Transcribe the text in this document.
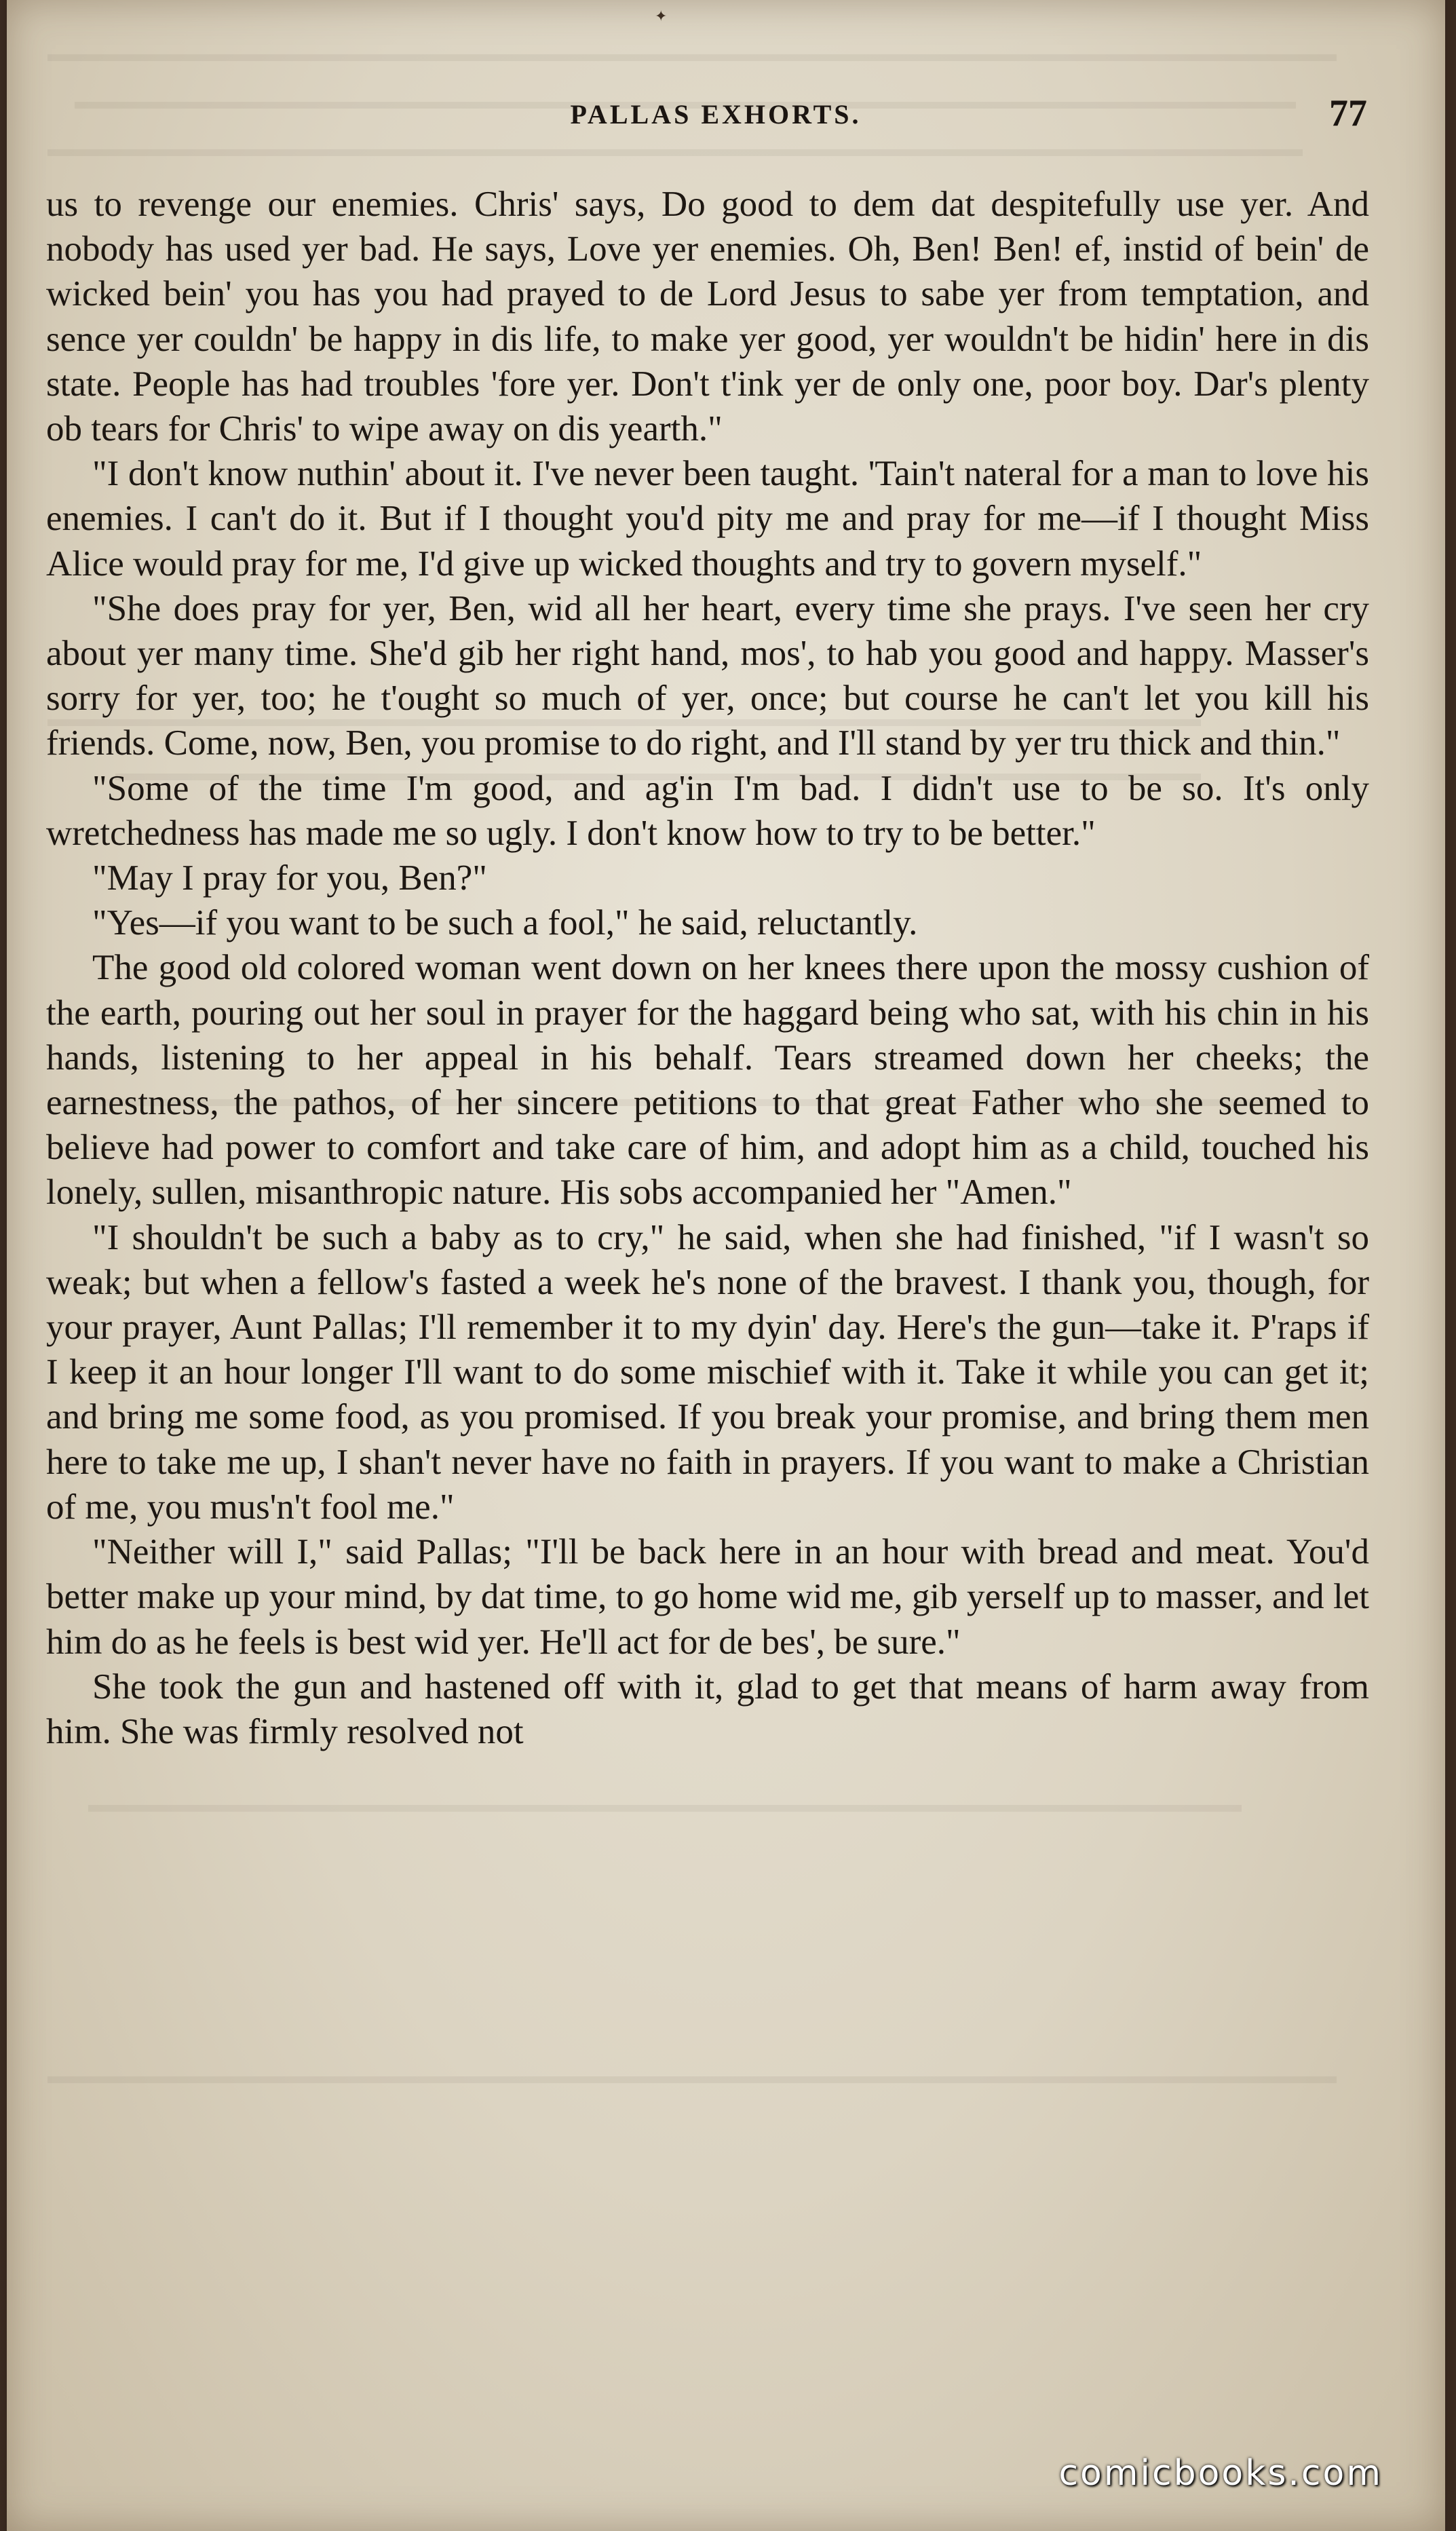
✦
PALLAS EXHORTS.	77

us to revenge our enemies. Chris' says, Do good to dem dat despitefully use yer. And nobody has used yer bad. He says, Love yer enemies. Oh, Ben! Ben! ef, instid of bein' de wicked bein' you has you had prayed to de Lord Jesus to sabe yer from temptation, and sence yer couldn' be happy in dis life, to make yer good, yer wouldn't be hidin' here in dis state. People has had troubles 'fore yer. Don't t'ink yer de only one, poor boy. Dar's plenty ob tears for Chris' to wipe away on dis yearth."

"I don't know nuthin' about it. I've never been taught. 'Tain't nateral for a man to love his enemies. I can't do it. But if I thought you'd pity me and pray for me—if I thought Miss Alice would pray for me, I'd give up wicked thoughts and try to govern myself."

"She does pray for yer, Ben, wid all her heart, every time she prays. I've seen her cry about yer many time. She'd gib her right hand, mos', to hab you good and happy. Masser's sorry for yer, too; he t'ought so much of yer, once; but course he can't let you kill his friends. Come, now, Ben, you promise to do right, and I'll stand by yer tru thick and thin."

"Some of the time I'm good, and ag'in I'm bad. I didn't use to be so. It's only wretchedness has made me so ugly. I don't know how to try to be better."

"May I pray for you, Ben?"

"Yes—if you want to be such a fool," he said, reluctantly.

The good old colored woman went down on her knees there upon the mossy cushion of the earth, pouring out her soul in prayer for the haggard being who sat, with his chin in his hands, listening to her appeal in his behalf. Tears streamed down her cheeks; the earnestness, the pathos, of her sincere petitions to that great Father who she seemed to believe had power to comfort and take care of him, and adopt him as a child, touched his lonely, sullen, misanthropic nature. His sobs accompanied her "Amen."

"I shouldn't be such a baby as to cry," he said, when she had finished, "if I wasn't so weak; but when a fellow's fasted a week he's none of the bravest. I thank you, though, for your prayer, Aunt Pallas; I'll remember it to my dyin' day. Here's the gun—take it. P'raps if I keep it an hour longer I'll want to do some mischief with it. Take it while you can get it; and bring me some food, as you promised. If you break your promise, and bring them men here to take me up, I shan't never have no faith in prayers. If you want to make a Christian of me, you mus'n't fool me."

"Neither will I," said Pallas; "I'll be back here in an hour with bread and meat. You'd better make up your mind, by dat time, to go home wid me, gib yerself up to masser, and let him do as he feels is best wid yer. He'll act for de bes', be sure."

She took the gun and hastened off with it, glad to get that means of harm away from him. She was firmly resolved not

comicbooks.com
